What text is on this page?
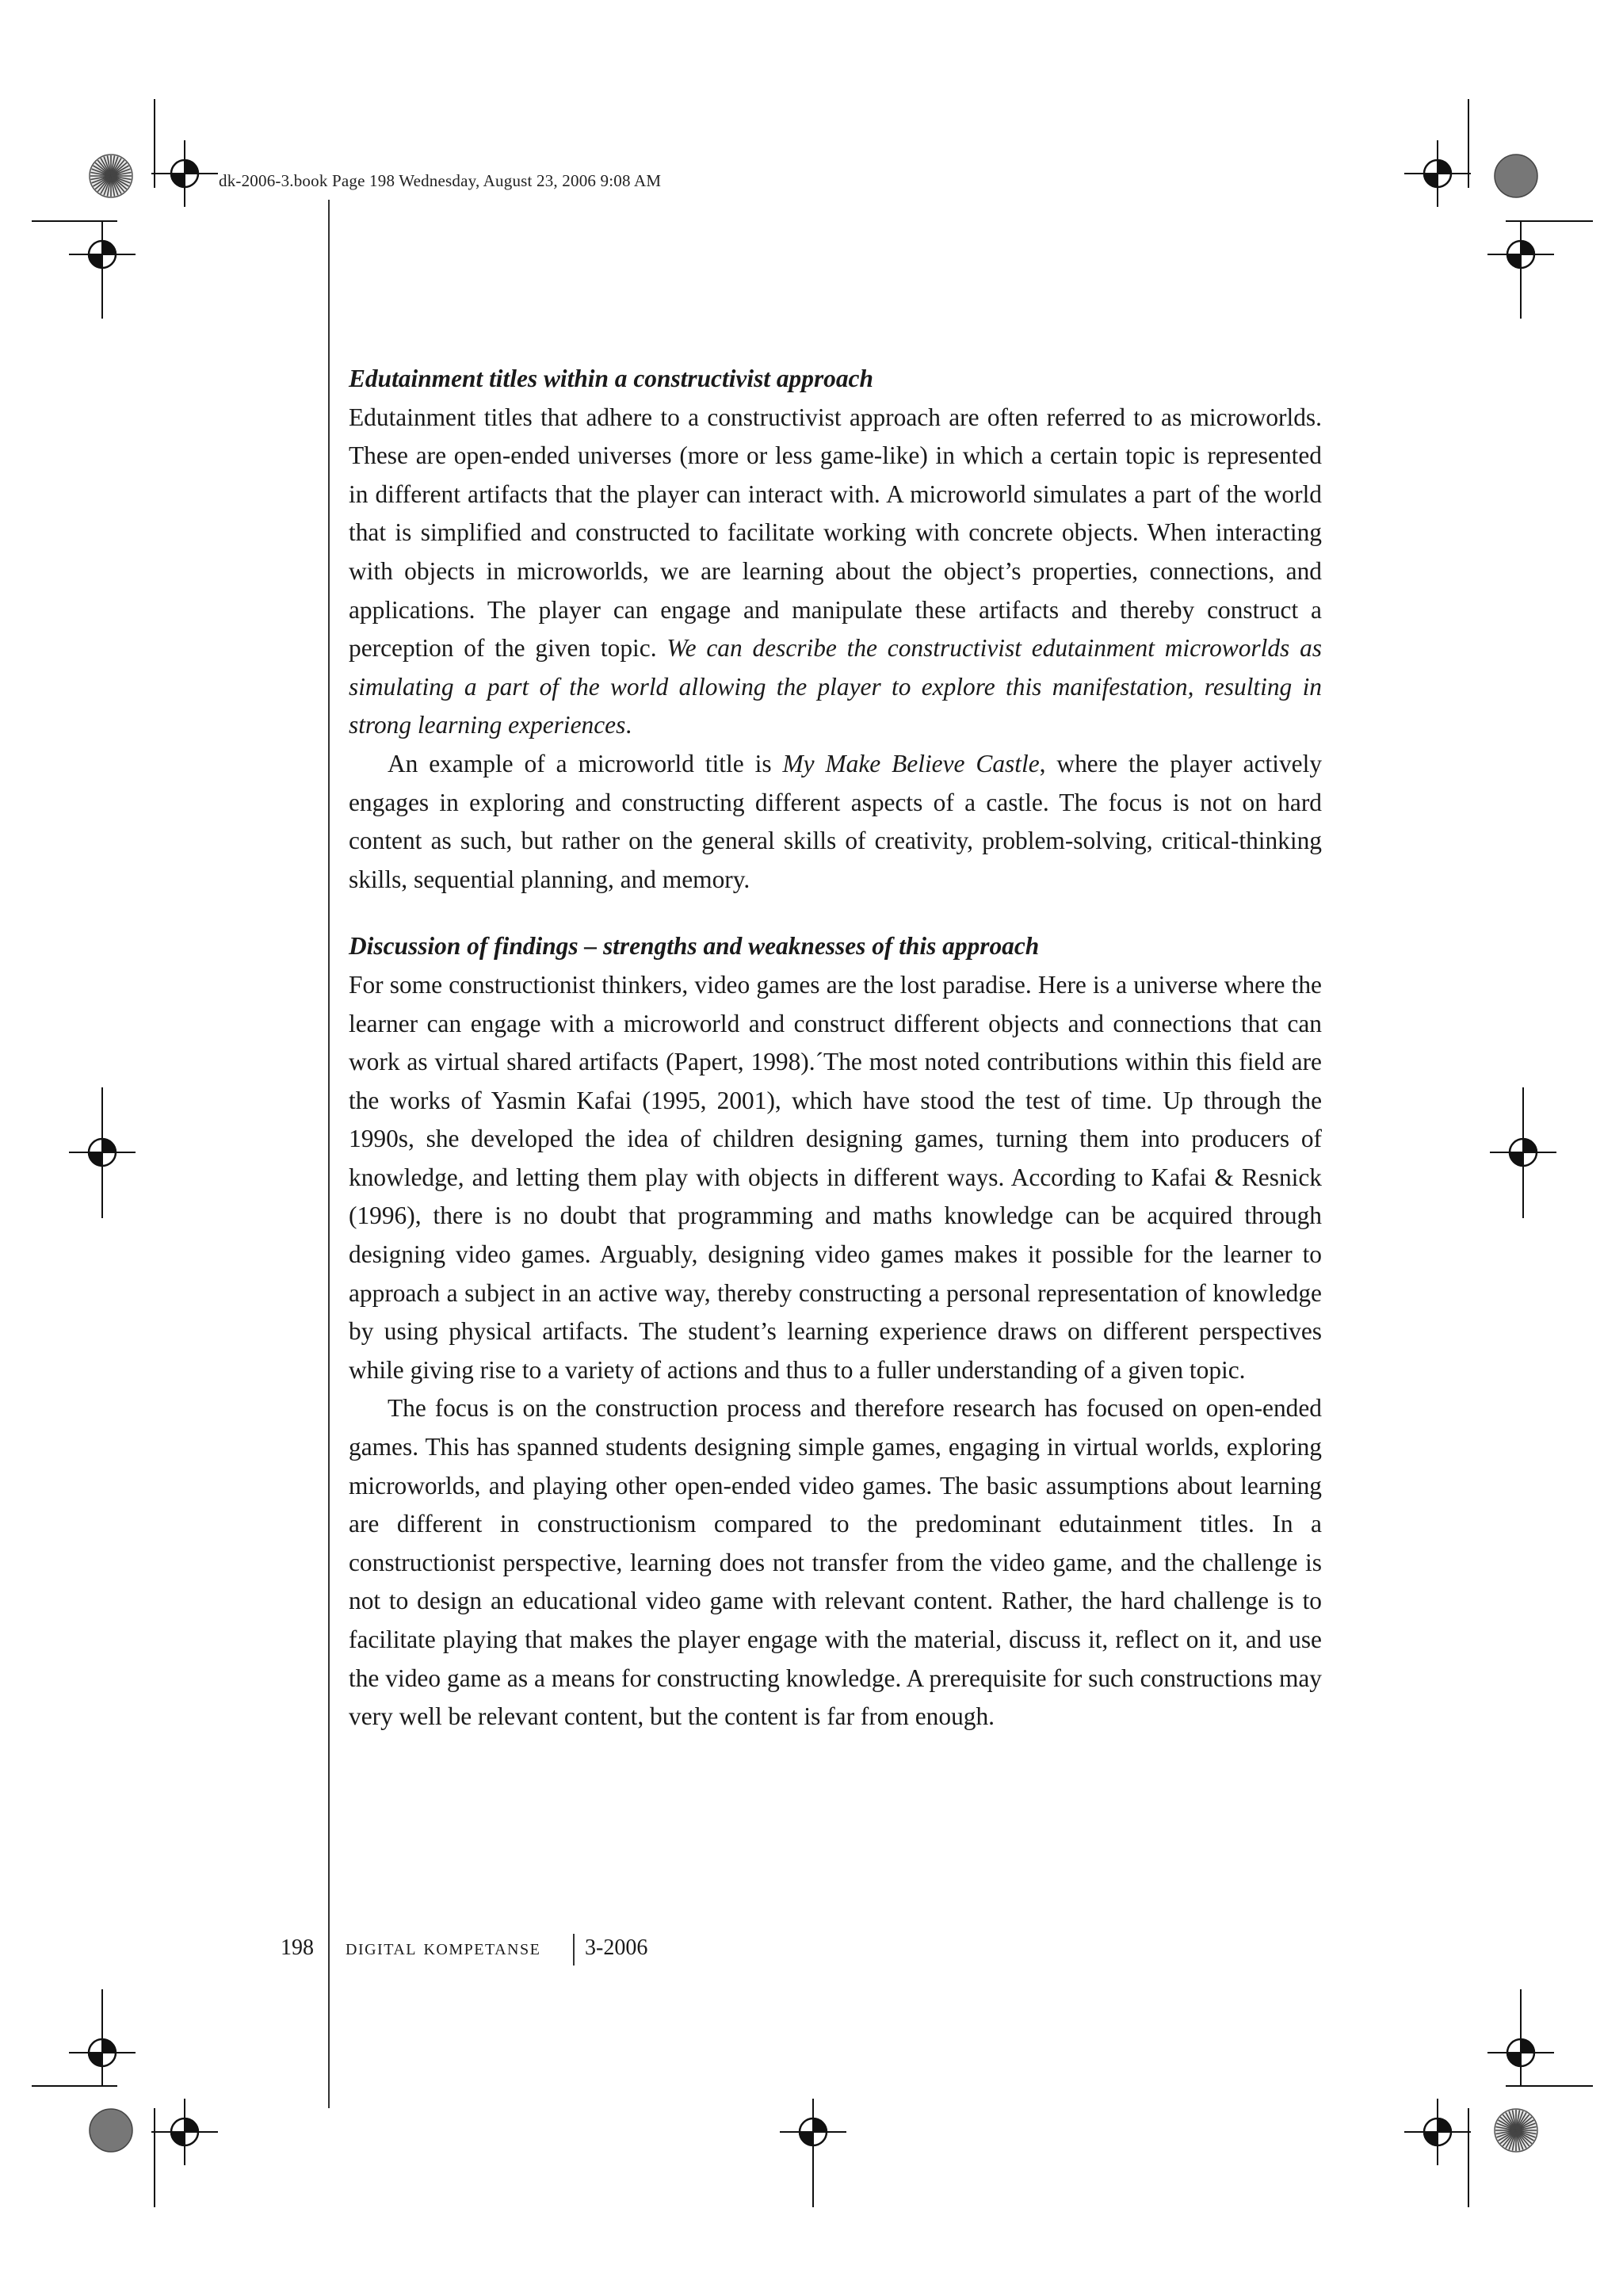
dk-2006-3.book Page 198 Wednesday, August 23, 2006 9:08 AM
Edutainment titles within a constructivist approach

Edutainment titles that adhere to a constructivist approach are often referred to as microworlds. These are open-ended universes (more or less game-like) in which a certain topic is represented in different artifacts that the player can interact with. A microworld simulates a part of the world that is simplified and constructed to facilitate working with concrete objects. When interacting with objects in microworlds, we are learning about the object’s properties, connections, and applications. The player can engage and manipulate these artifacts and thereby construct a perception of the given topic. We can describe the constructivist edutainment microworlds as simulating a part of the world allowing the player to explore this manifestation, resulting in strong learning experiences.

An example of a microworld title is My Make Believe Castle, where the player actively engages in exploring and constructing different aspects of a castle. The focus is not on hard content as such, but rather on the general skills of creativity, problem-solving, critical-thinking skills, sequential planning, and memory.

Discussion of findings – strengths and weaknesses of this approach

For some constructionist thinkers, video games are the lost paradise. Here is a universe where the learner can engage with a microworld and construct different objects and connections that can work as virtual shared artifacts (Papert, 1998).´The most noted contributions within this field are the works of Yasmin Kafai (1995, 2001), which have stood the test of time. Up through the 1990s, she developed the idea of children designing games, turning them into producers of knowledge, and letting them play with objects in different ways. According to Kafai & Resnick (1996), there is no doubt that programming and maths knowledge can be acquired through designing video games. Arguably, designing video games makes it possible for the learner to approach a subject in an active way, thereby constructing a personal representation of knowledge by using physical artifacts. The student’s learning experience draws on different perspectives while giving rise to a variety of actions and thus to a fuller understanding of a given topic.

The focus is on the construction process and therefore research has focused on open-ended games. This has spanned students designing simple games, engaging in virtual worlds, exploring microworlds, and playing other open-ended video games. The basic assumptions about learning are different in constructionism compared to the predominant edutainment titles. In a constructionist perspective, learning does not transfer from the video game, and the challenge is not to design an educational video game with relevant content. Rather, the hard challenge is to facilitate playing that makes the player engage with the material, discuss it, reflect on it, and use the video game as a means for constructing knowledge. A prerequisite for such constructions may very well be relevant content, but the content is far from enough.

198 digital kompetanse 3-2006
